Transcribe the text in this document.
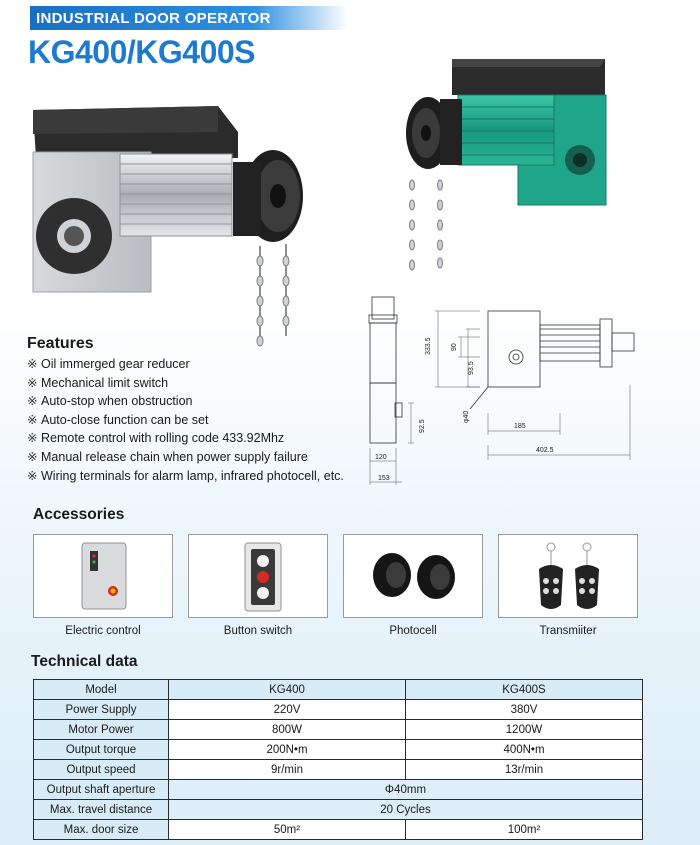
INDUSTRIAL DOOR OPERATOR
KG400/KG400S
333.5	90
93.5
φ40
185
402.5
92.5
120
153
Features
※ Oil immerged gear reducer
※ Mechanical limit switch
※ Auto-stop when obstruction
※ Auto-close function can be set
※ Remote control with rolling code 433.92Mhz
※ Manual release chain when power supply failure
※ Wiring terminals for alarm lamp, infrared photocell, etc.
Accessories
Electric control	Button switch	Photocell	Transmiiter
Technical data
Model	KG400	KG400S
Power Supply	220V	380V
Motor Power	800W	1200W
Output torque	200N•m	400N•m
Output speed	9r/min	13r/min
Output shaft aperture	Φ40mm	
Max. travel distance	20 Cycles	
Max. door size	50m²	100m²
